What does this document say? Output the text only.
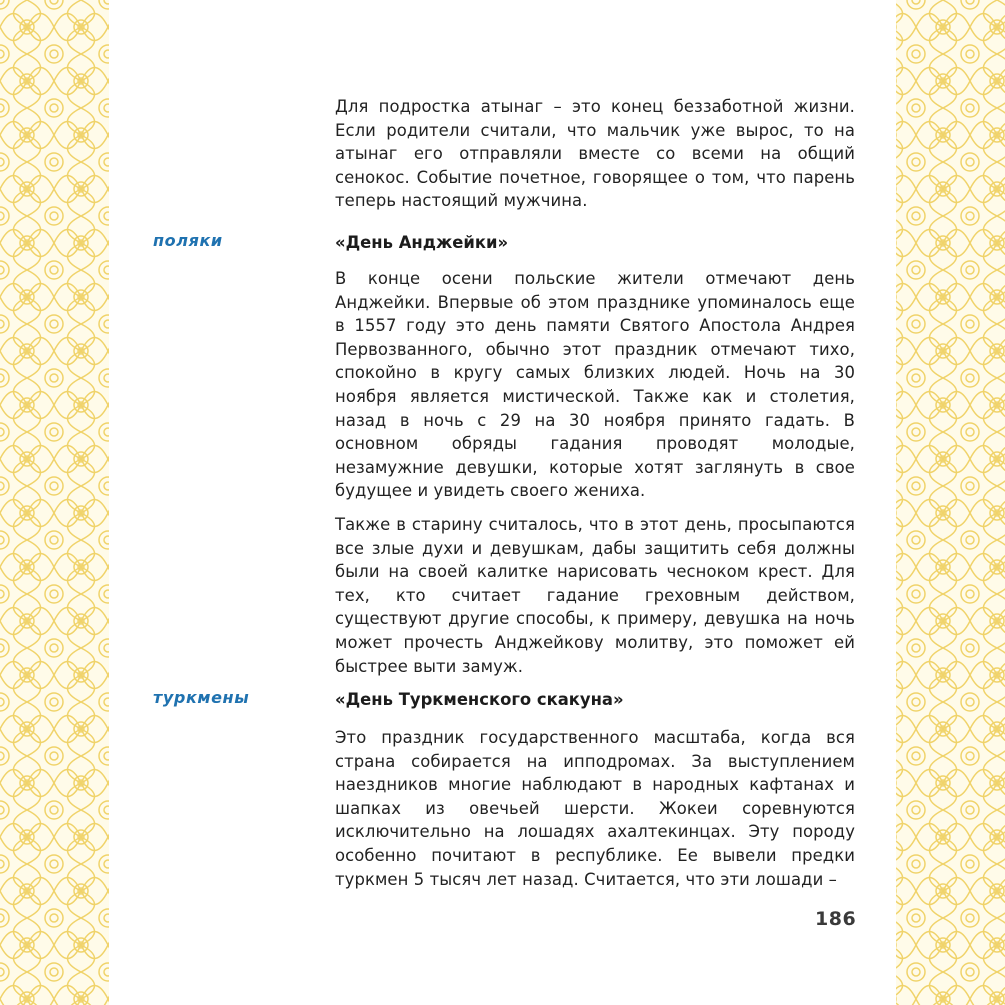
Для подростка атынаг – это конец беззаботной жизни. Если родители считали, что мальчик уже вырос, то на атынаг его отправляли вместе со всеми на общий сенокос. Событие почетное, говорящее о том, что парень теперь настоящий мужчина.

поляки	«День Анджейки»

В конце осени польские жители отмечают день Анджейки. Впервые об этом празднике упоминалось еще в 1557 году это день памяти Святого Апостола Андрея Первозванного, обычно этот праздник отмечают тихо, спокойно в кругу самых близких людей. Ночь на 30 ноября является мистической. Также как и столетия, назад в ночь с 29 на 30 ноября принято гадать. В основном обряды гадания проводят молодые, незамужние девушки, которые хотят заглянуть в свое будущее и увидеть своего жениха.

Также в старину считалось, что в этот день, просыпаются все злые духи и девушкам, дабы защитить себя должны были на своей калитке нарисовать чесноком крест. Для тех, кто считает гадание греховным действом, существуют другие способы, к примеру, девушка на ночь может прочесть Анджейкову молитву, это поможет ей быстрее выти замуж.

туркмены	«День Туркменского скакуна»

Это праздник государственного масштаба, когда вся страна собирается на ипподромах. За выступлением наездников многие наблюдают в народных кафтанах и шапках из овечьей шерсти. Жокеи соревнуются исключительно на лошадях ахалтекинцах. Эту породу особенно почитают в республике. Ее вывели предки туркмен 5 тысяч лет назад. Считается, что эти лошади –

186
